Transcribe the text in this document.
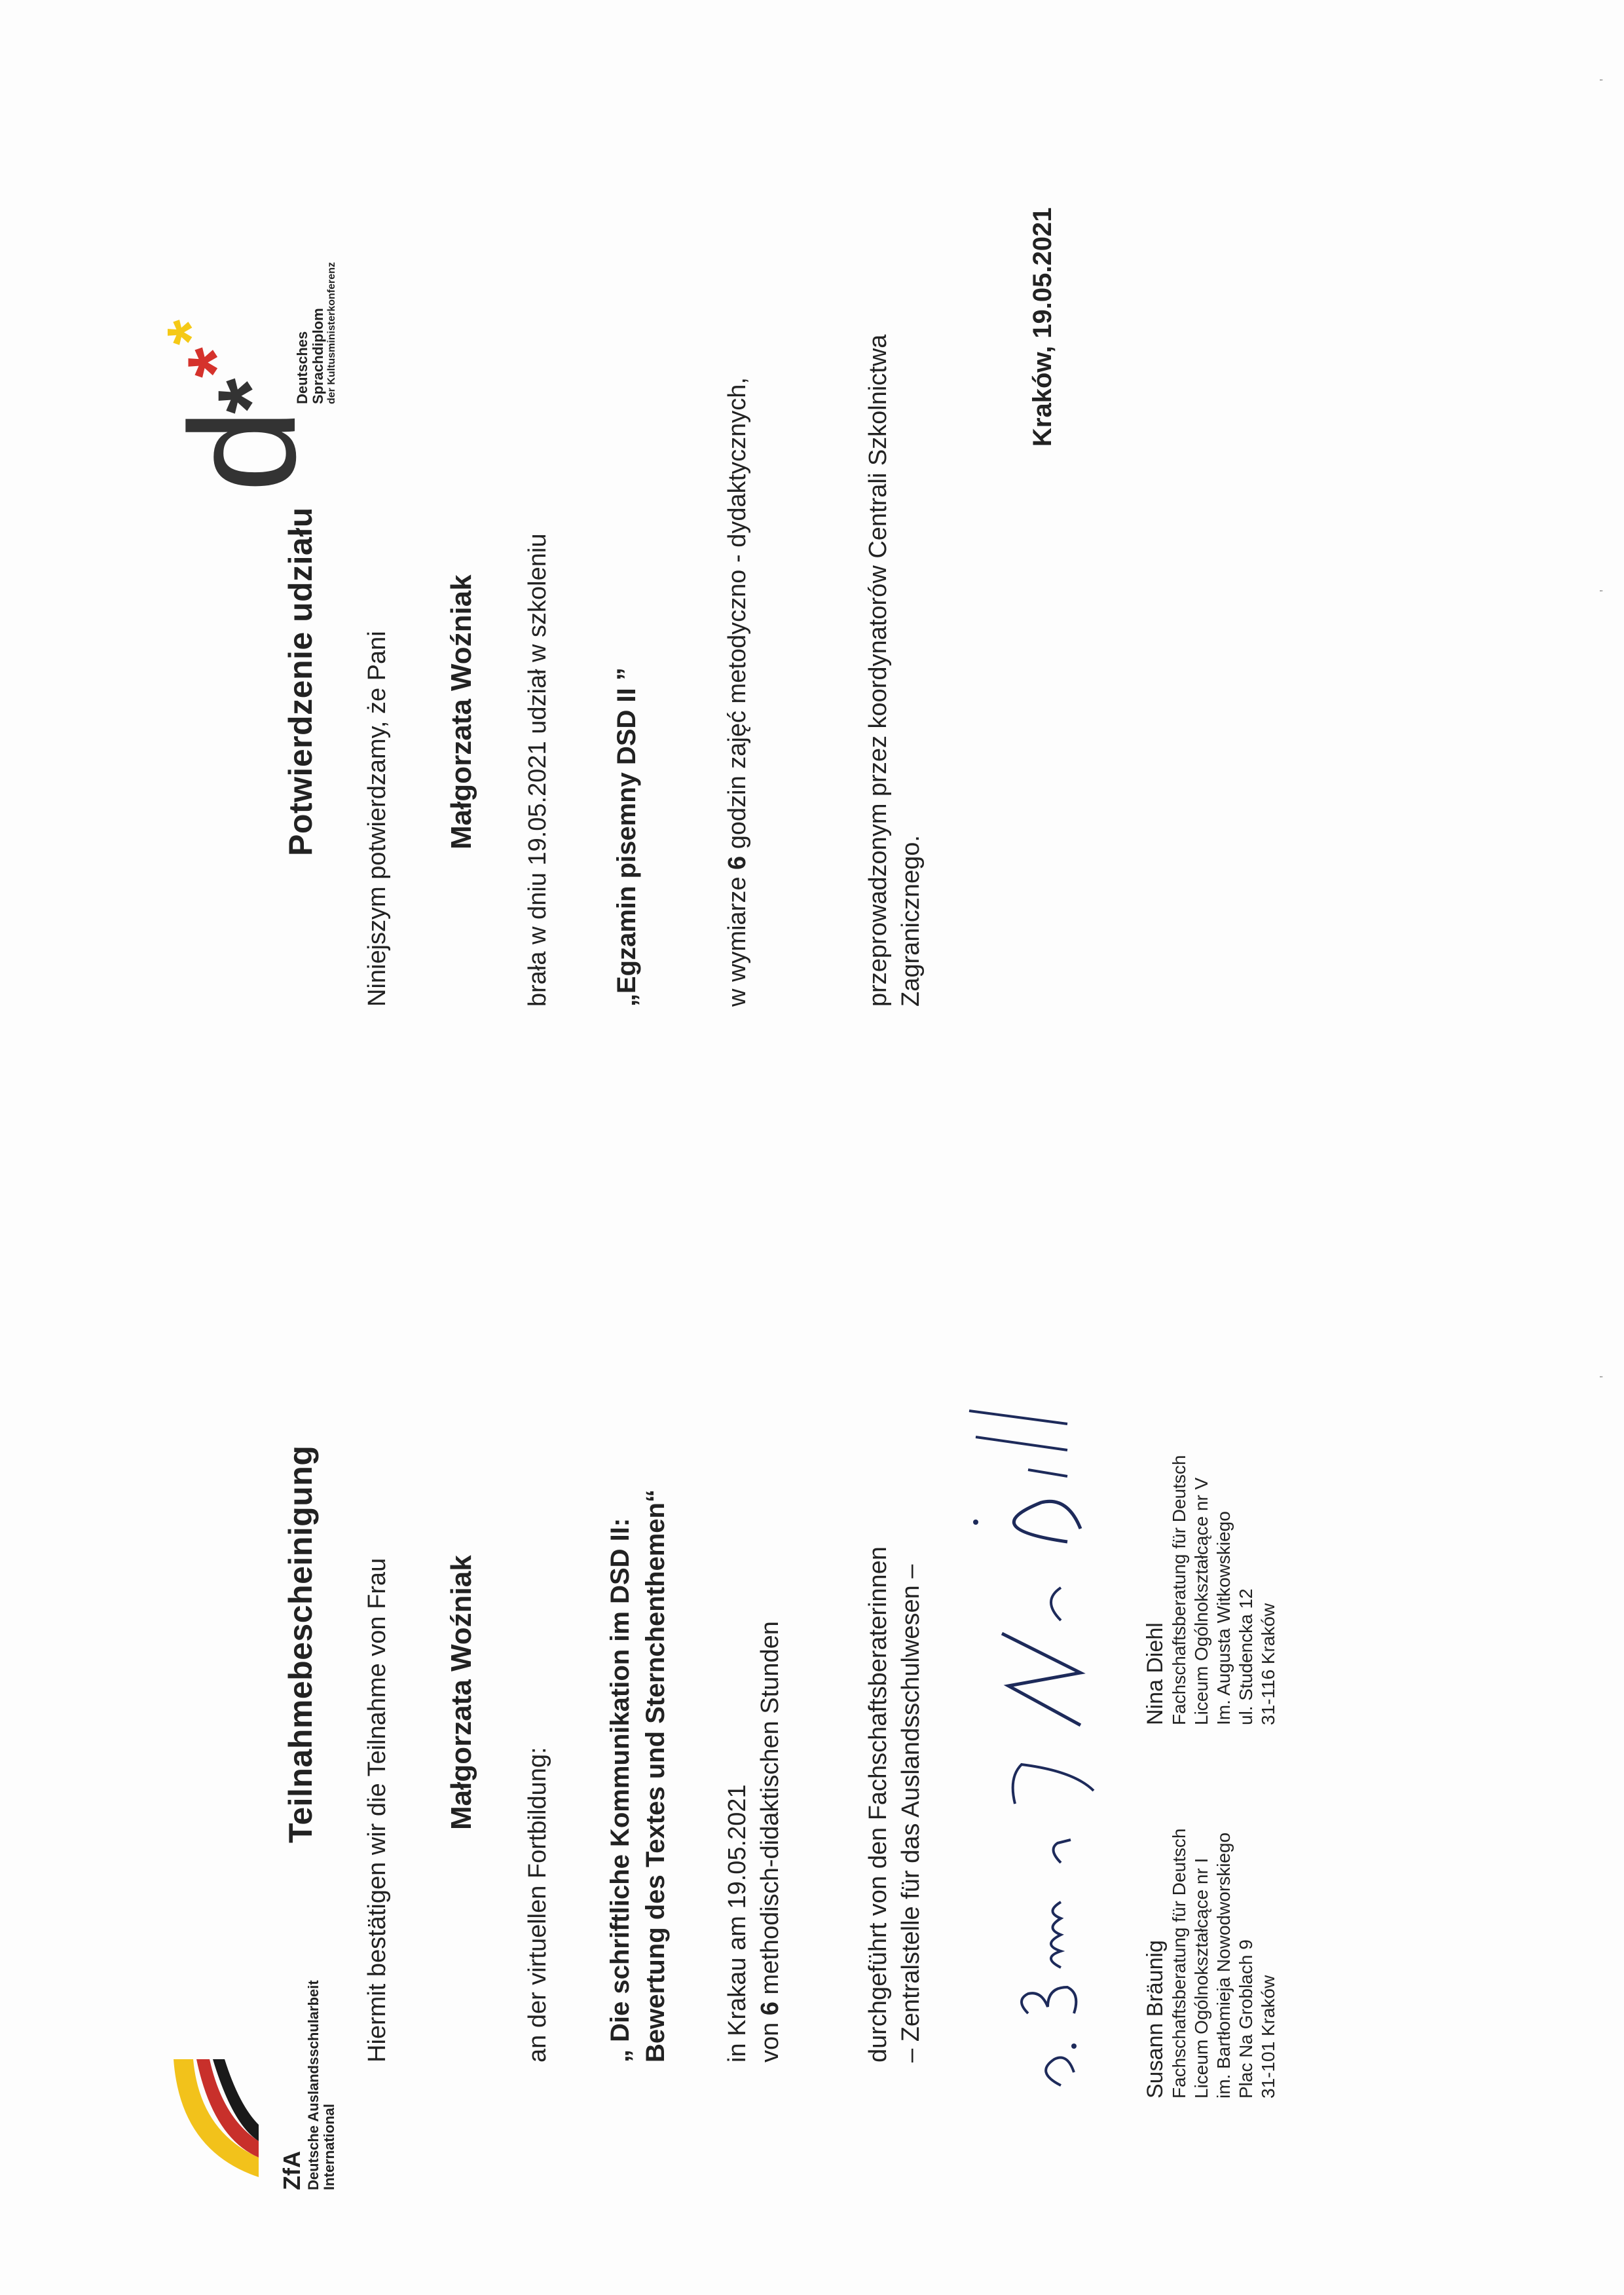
ZfA Deutsche Auslandsschularbeit International
Teilnahmebescheinigung Hiermit bestätigen wir die Teilnahme von Frau Małgorzata Woźniak
an der virtuellen Fortbildung: „ Die schriftliche Kommunikation im DSD II: Bewertung des Textes und Sternchenthemen“ in Krakau am 19.05.2021 von 6 methodisch-didaktischen Stunden	durchgeführt von den Fachschaftsberaterinnen – Zentralstelle für das Auslandsschulwesen –	Susann Bräunig Fachschaftsberatung für Deutsch Liceum Ogólnokształcące nr I im. Bartłomieja Nowodworskiego Plac Na Groblach 9 31-101 Kraków
Nina Diehl Fachschaftsberatung für Deutsch Liceum Ogólnokształcące nr V Im. Augusta Witkowskiego ul. Studencka 12 31-116 Kraków
d
*
*
*	Deutsches Sprachdiplom der Kultusministerkonferenz
Potwierdzenie udziału Niniejszym potwierdzamy, że Pani Małgorzata Woźniak brała w dniu 19.05.2021 udział w szkoleniu „Egzamin pisemny DSD II ”	w wymiarze 6 godzin zajęć metodyczno - dydaktycznych,	przeprowadzonym przez koordynatorów Centrali Szkolnictwa Zagranicznego.
Kraków, 19.05.2021
'
'
'
